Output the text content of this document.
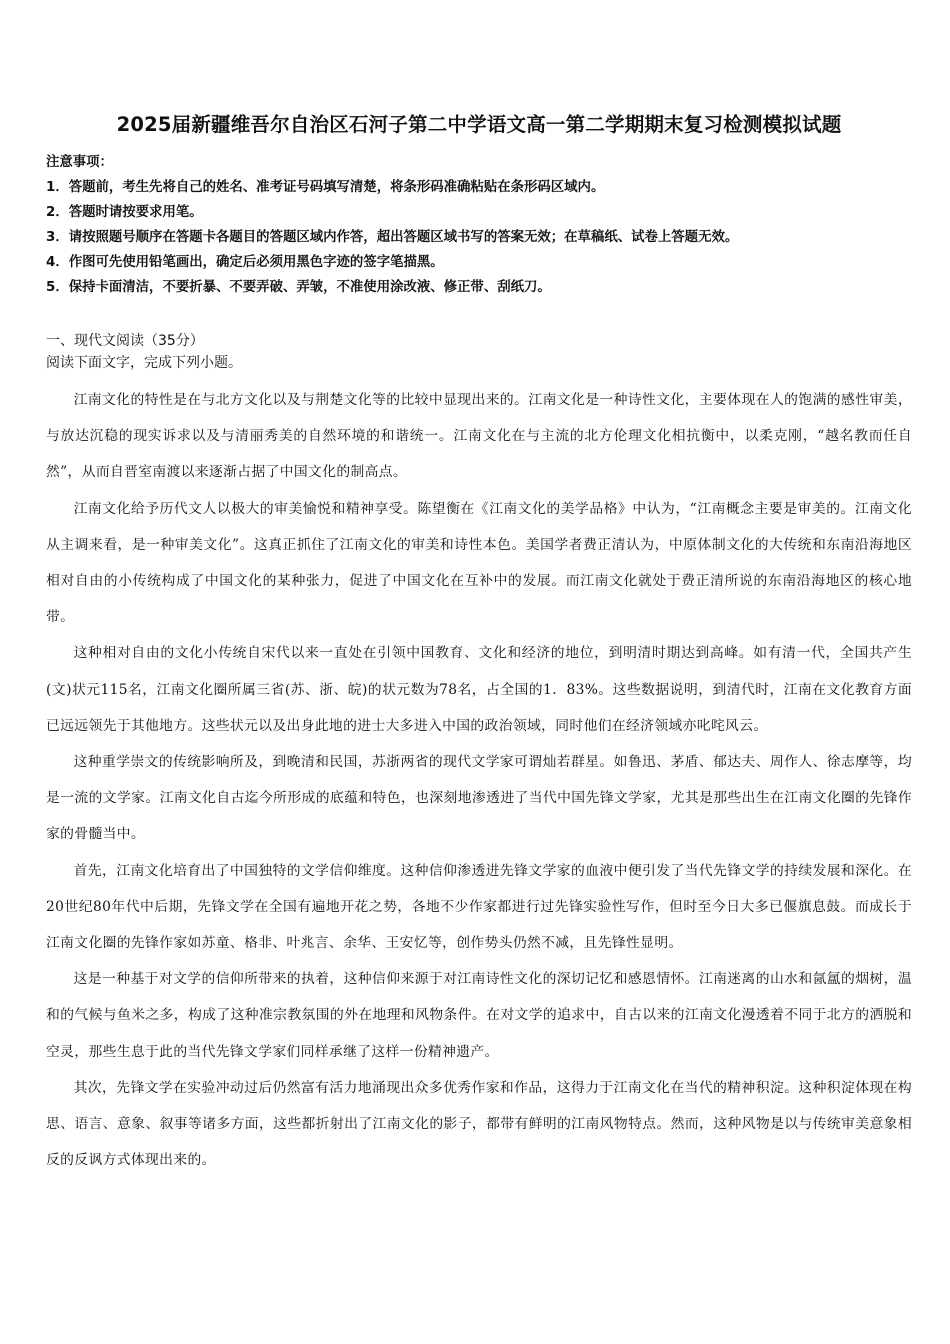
2025届新疆维吾尔自治区石河子第二中学语文高一第二学期期末复习检测模拟试题
注意事项：
1．答题前，考生先将自己的姓名、准考证号码填写清楚，将条形码准确粘贴在条形码区域内。
2．答题时请按要求用笔。
3．请按照题号顺序在答题卡各题目的答题区域内作答，超出答题区域书写的答案无效；在草稿纸、试卷上答题无效。
4．作图可先使用铅笔画出，确定后必须用黑色字迹的签字笔描黑。
5．保持卡面清洁，不要折暴、不要弄破、弄皱，不准使用涂改液、修正带、刮纸刀。
一、现代文阅读（35分）
阅读下面文字，完成下列小题。

江南文化的特性是在与北方文化以及与荆楚文化等的比较中显现出来的。江南文化是一种诗性文化，主要体现在人的饱满的感性审美，与放达沉稳的现实诉求以及与清丽秀美的自然环境的和谐统一。江南文化在与主流的北方伦理文化相抗衡中，以柔克刚，“越名教而任自然”，从而自晋室南渡以来逐渐占据了中国文化的制高点。

江南文化给予历代文人以极大的审美愉悦和精神享受。陈望衡在《江南文化的美学品格》中认为，“江南概念主要是审美的。江南文化从主调来看，是一种审美文化”。这真正抓住了江南文化的审美和诗性本色。美国学者费正清认为，中原体制文化的大传统和东南沿海地区相对自由的小传统构成了中国文化的某种张力，促进了中国文化在互补中的发展。而江南文化就处于费正清所说的东南沿海地区的核心地带。

这种相对自由的文化小传统自宋代以来一直处在引领中国教育、文化和经济的地位，到明清时期达到高峰。如有清一代，全国共产生(文)状元115名，江南文化圈所属三省(苏、浙、皖)的状元数为78名，占全国的1．83%。这些数据说明，到清代时，江南在文化教育方面已远远领先于其他地方。这些状元以及出身此地的进士大多进入中国的政治领域，同时他们在经济领域亦叱咤风云。

这种重学崇文的传统影响所及，到晚清和民国，苏浙两省的现代文学家可谓灿若群星。如鲁迅、茅盾、郁达夫、周作人、徐志摩等，均是一流的文学家。江南文化自古迄今所形成的底蕴和特色，也深刻地渗透进了当代中国先锋文学家，尤其是那些出生在江南文化圈的先锋作家的骨髓当中。

首先，江南文化培育出了中国独特的文学信仰维度。这种信仰渗透进先锋文学家的血液中便引发了当代先锋文学的持续发展和深化。在20世纪80年代中后期，先锋文学在全国有遍地开花之势，各地不少作家都进行过先锋实验性写作，但时至今日大多已偃旗息鼓。而成长于江南文化圈的先锋作家如苏童、格非、叶兆言、余华、王安忆等，创作势头仍然不减，且先锋性显明。

这是一种基于对文学的信仰所带来的执着，这种信仰来源于对江南诗性文化的深切记忆和感恩情怀。江南迷离的山水和氤氲的烟树，温和的气候与鱼米之多，构成了这种准宗教氛围的外在地理和风物条件。在对文学的追求中，自古以来的江南文化漫透着不同于北方的洒脱和空灵，那些生息于此的当代先锋文学家们同样承继了这样一份精神遗产。

其次，先锋文学在实验冲动过后仍然富有活力地涌现出众多优秀作家和作品，这得力于江南文化在当代的精神积淀。这种积淀体现在构思、语言、意象、叙事等诸多方面，这些都折射出了江南文化的影子，都带有鲜明的江南风物特点。然而，这种风物是以与传统审美意象相反的反讽方式体现出来的。
